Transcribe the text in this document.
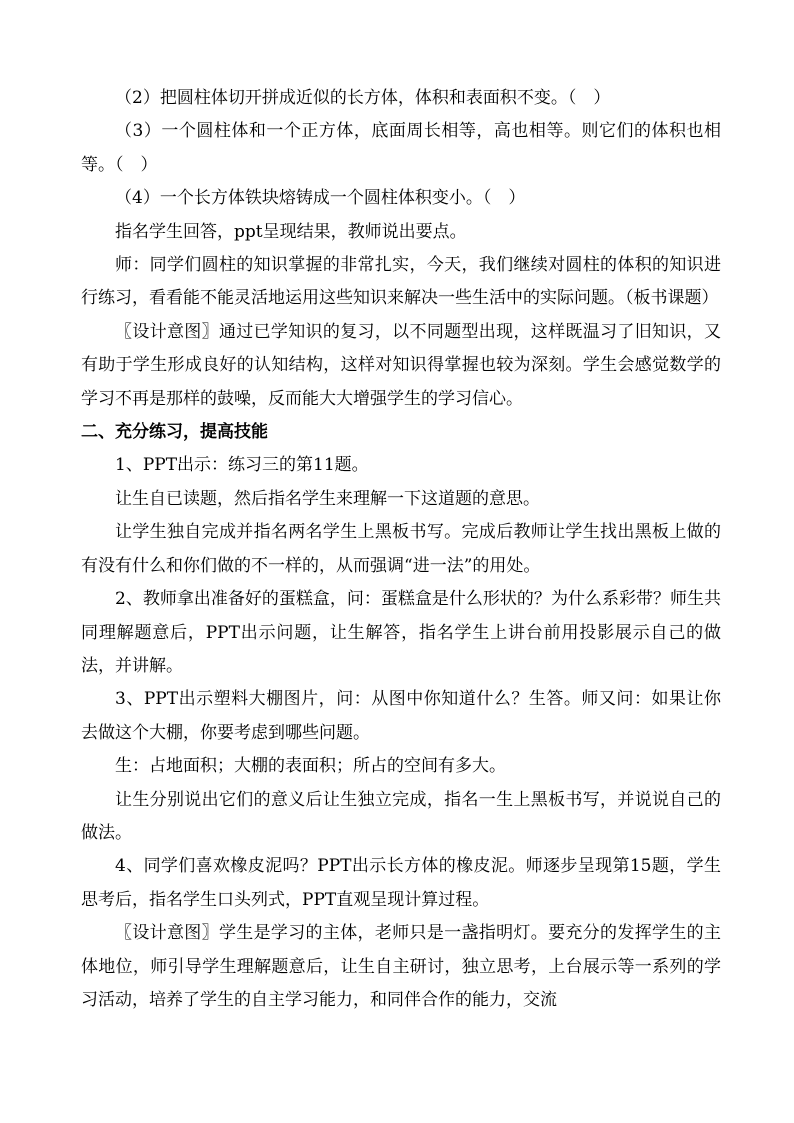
（2）把圆柱体切开拼成近似的长方体，体积和表面积不变。（　）

（3）一个圆柱体和一个正方体，底面周长相等，高也相等。则它们的体积也相等。（　）

（4）一个长方体铁块熔铸成一个圆柱体积变小。（　）

指名学生回答，ppt呈现结果，教师说出要点。

师：同学们圆柱的知识掌握的非常扎实，今天，我们继续对圆柱的体积的知识进行练习，看看能不能灵活地运用这些知识来解决一些生活中的实际问题。（板书课题）

〖设计意图〗通过已学知识的复习，以不同题型出现，这样既温习了旧知识，又有助于学生形成良好的认知结构，这样对知识得掌握也较为深刻。学生会感觉数学的学习不再是那样的鼓噪，反而能大大增强学生的学习信心。

二、充分练习，提高技能

1、PPT出示：练习三的第11题。

让生自已读题，然后指名学生来理解一下这道题的意思。

让学生独自完成并指名两名学生上黑板书写。完成后教师让学生找出黑板上做的有没有什么和你们做的不一样的，从而强调“进一法”的用处。

2、教师拿出准备好的蛋糕盒，问：蛋糕盒是什么形状的？为什么系彩带？师生共同理解题意后，PPT出示问题，让生解答，指名学生上讲台前用投影展示自己的做法，并讲解。

3、PPT出示塑料大棚图片，问：从图中你知道什么？生答。师又问：如果让你去做这个大棚，你要考虑到哪些问题。

生：占地面积；大棚的表面积；所占的空间有多大。

让生分别说出它们的意义后让生独立完成，指名一生上黑板书写，并说说自己的做法。

4、同学们喜欢橡皮泥吗？PPT出示长方体的橡皮泥。师逐步呈现第15题，学生思考后，指名学生口头列式，PPT直观呈现计算过程。

〖设计意图〗学生是学习的主体，老师只是一盏指明灯。要充分的发挥学生的主体地位，师引导学生理解题意后，让生自主研讨，独立思考，上台展示等一系列的学习活动，培养了学生的自主学习能力，和同伴合作的能力，交流
